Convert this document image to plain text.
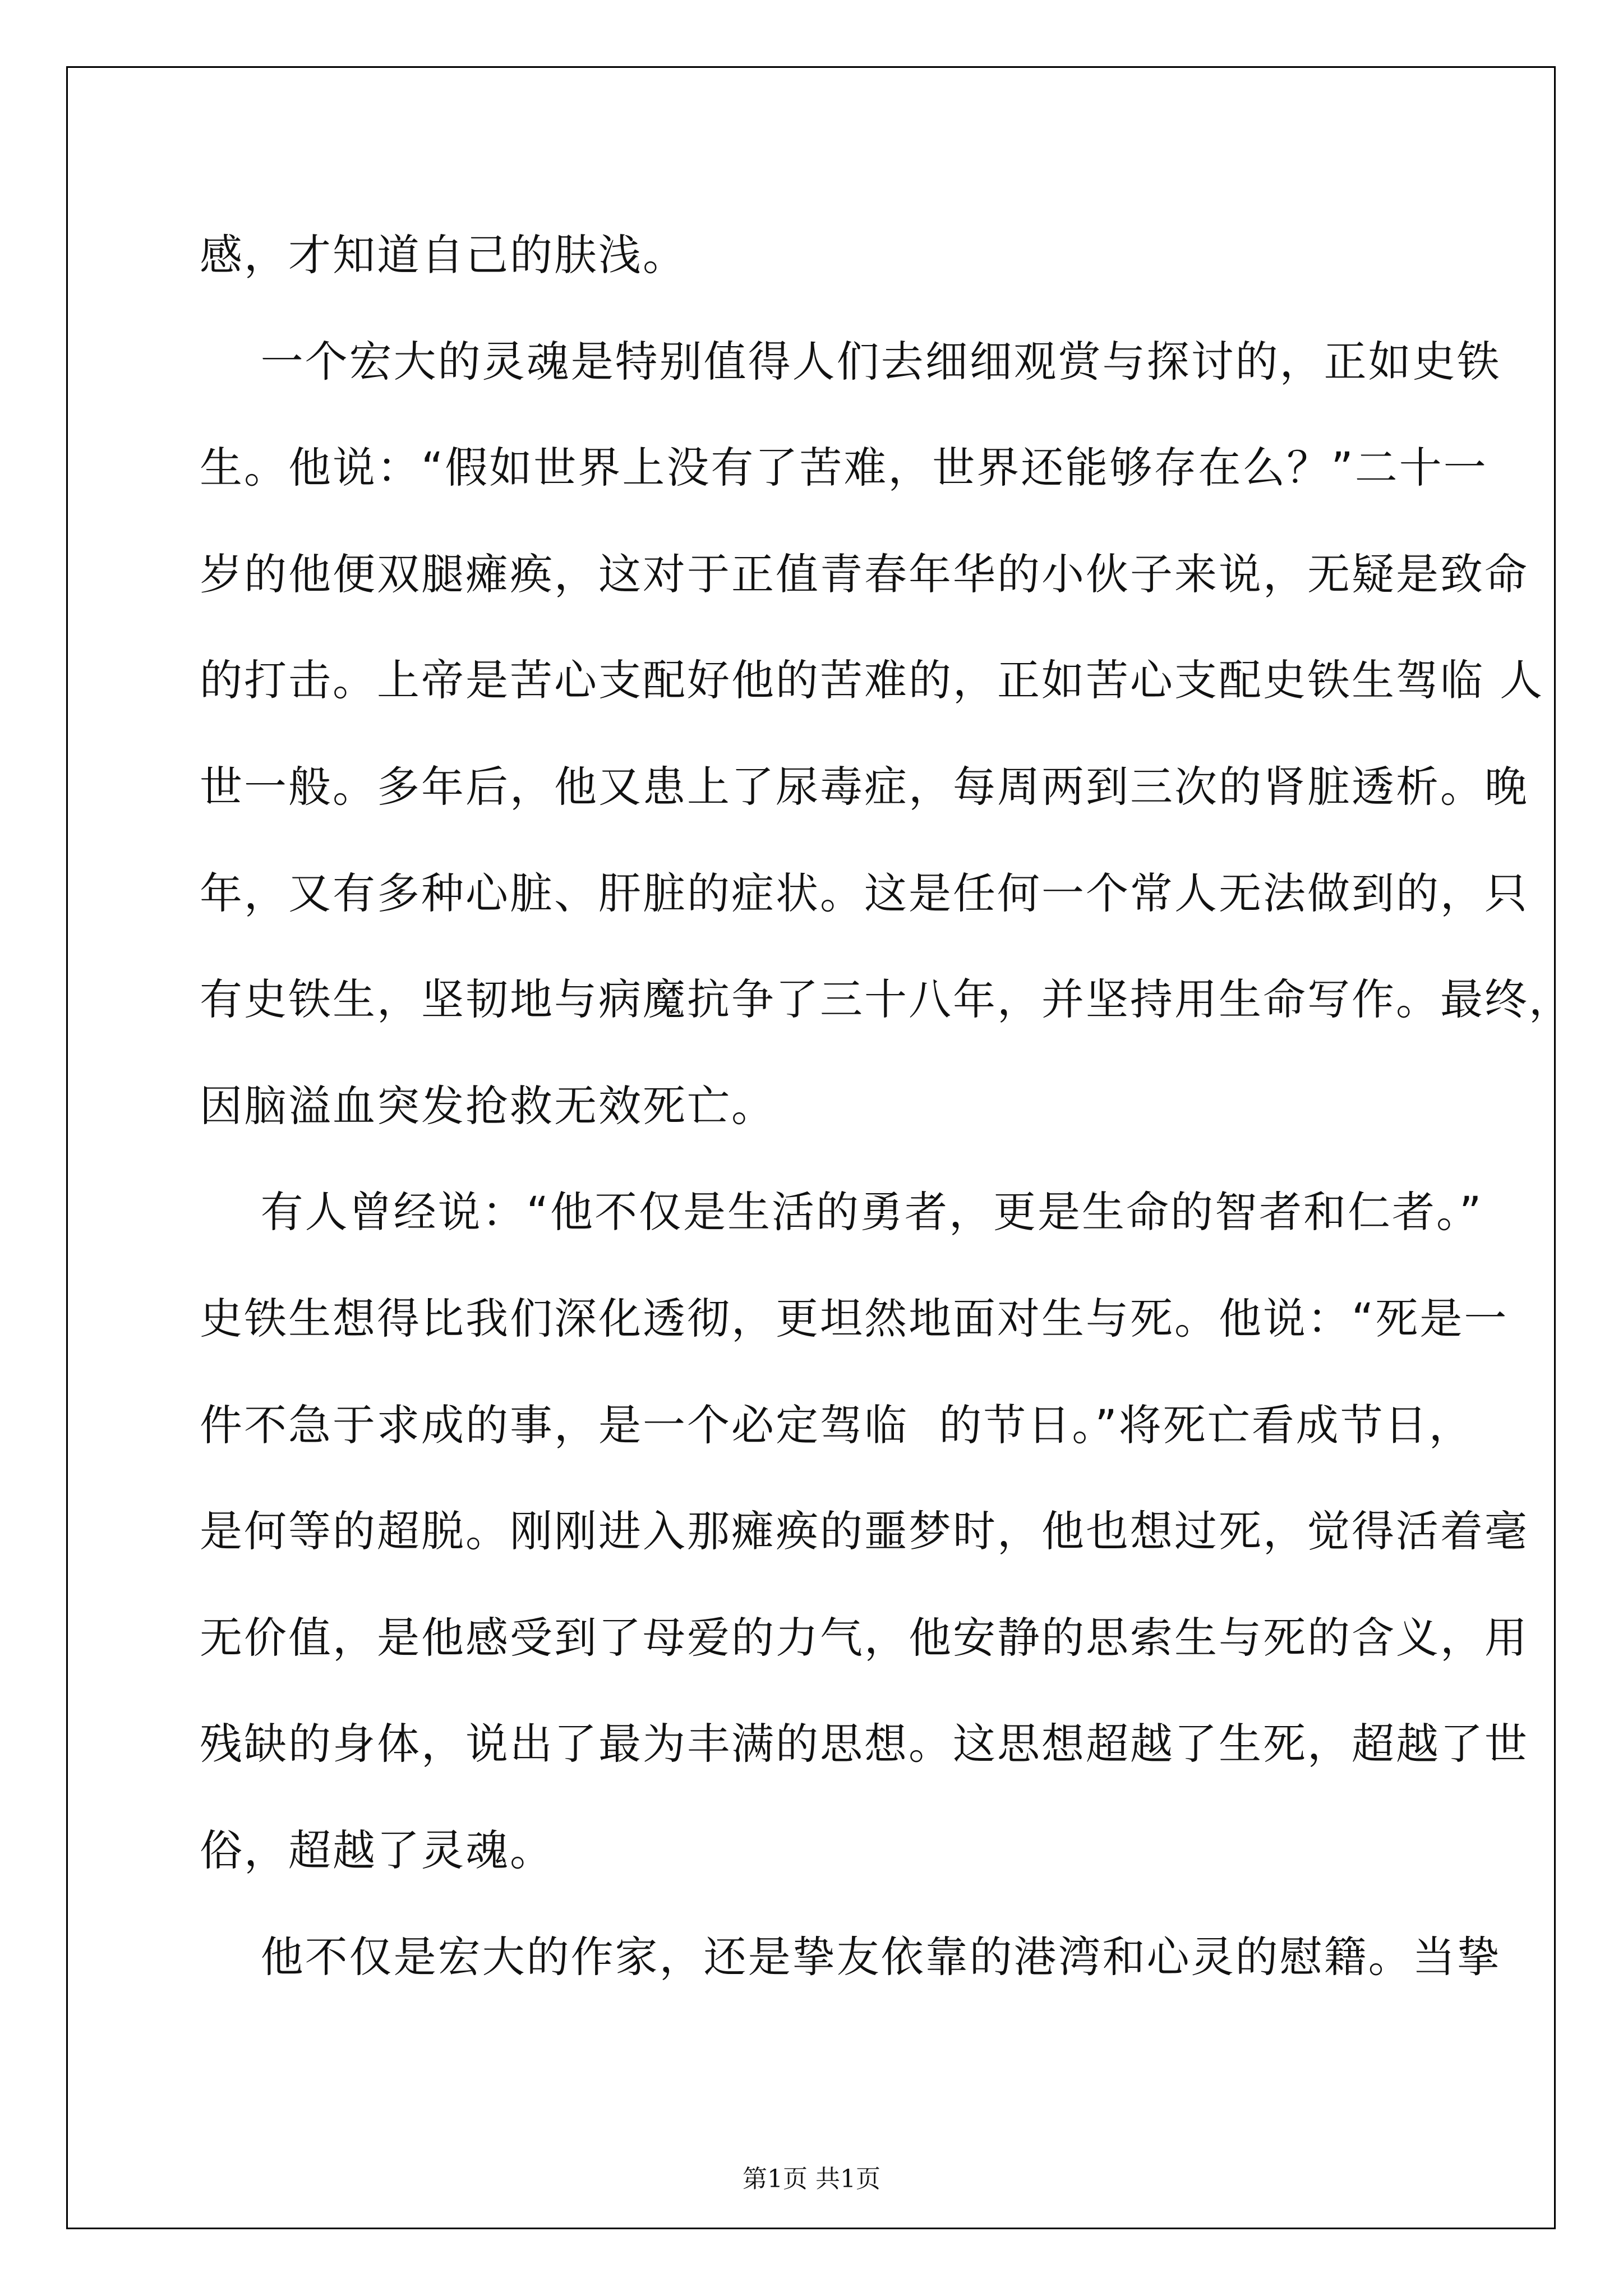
感，才知道自己的肤浅。
一个宏大的灵魂是特别值得人们去细细观赏与探讨的，正如史铁
生。他说：“假如世界上没有了苦难，世界还能够存在么？”二十一
岁的他便双腿瘫痪，这对于正值青春年华的小伙子来说，无疑是致命
的打击。上帝是苦心支配好他的苦难的，正如苦心支配史铁生驾临 人
世一般。多年后，他又患上了尿毒症，每周两到三次的肾脏透析。晚
年，又有多种心脏、肝脏的症状。这是任何一个常人无法做到的，只
有史铁生，坚韧地与病魔抗争了三十八年，并坚持用生命写作。最终，
因脑溢血突发抢救无效死亡。
有人曾经说：“他不仅是生活的勇者，更是生命的智者和仁者。”
史铁生想得比我们深化透彻，更坦然地面对生与死。他说：“死是一
件不急于求成的事，是一个必定驾临  的节日。”将死亡看成节日，
是何等的超脱。刚刚进入那瘫痪的噩梦时，他也想过死，觉得活着毫
无价值，是他感受到了母爱的力气，他安静的思索生与死的含义，用
残缺的身体，说出了最为丰满的思想。这思想超越了生死，超越了世
俗，超越了灵魂。
他不仅是宏大的作家，还是挚友依靠的港湾和心灵的慰籍。当挚
第1页 共1页
